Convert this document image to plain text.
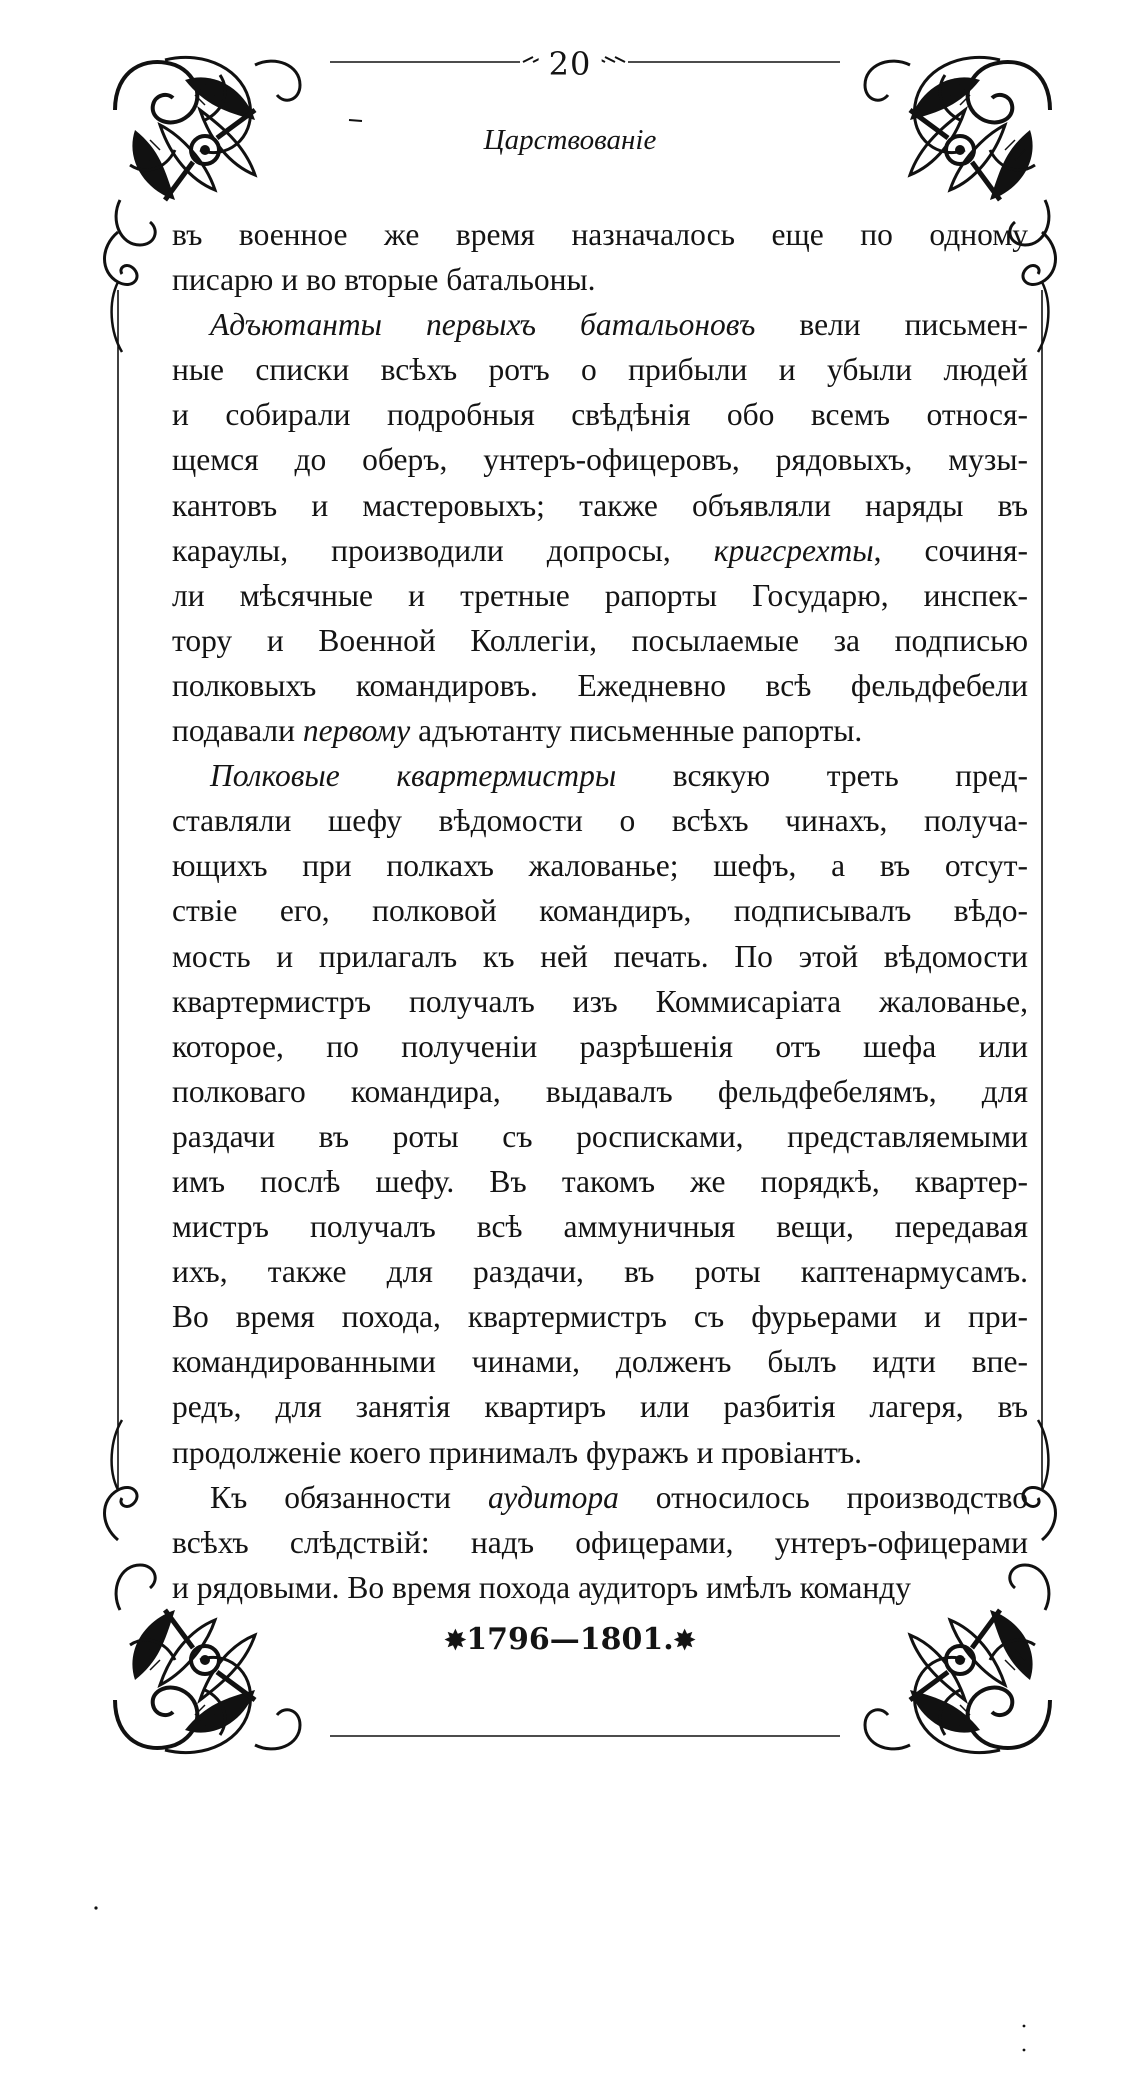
20
Царствованіе
въ военное же время назначалось еще по одному
писарю и во вторые батальоны.
Адъютанты первыхъ батальоновъ вели письмен-
ные списки всѣхъ ротъ о прибыли и убыли людей
и собирали подробныя свѣдѣнія обо всемъ относя-
щемся до оберъ, унтеръ-офицеровъ, рядовыхъ, музы-
кантовъ и мастеровыхъ; также объявляли наряды въ
караулы, производили допросы, кригсрехты, сочиня-
ли мѣсячные и третные рапорты Государю, инспек-
тору и Военной Коллегіи, посылаемые за подписью
полковыхъ командировъ. Ежедневно всѣ фельдфебели
подавали первому адъютанту письменные рапорты.
Полковые квартермистры всякую треть пред-
ставляли шефу вѣдомости о всѣхъ чинахъ, получа-
ющихъ при полкахъ жалованье; шефъ, а въ отсут-
ствіе его, полковой командиръ, подписывалъ вѣдо-
мость и прилагалъ къ ней печать. По этой вѣдомости
квартермистръ получалъ изъ Коммисаріата жалованье,
которое, по полученіи разрѣшенія отъ шефа или
полковаго командира, выдавалъ фельдфебелямъ, для
раздачи въ роты съ росписками, представляемыми
имъ послѣ шефу. Въ такомъ же порядкѣ, квартер-
мистръ получалъ всѣ аммуничныя вещи, передавая
ихъ, также для раздачи, въ роты каптенармусамъ.
Во время похода, квартермистръ съ фурьерами и при-
командированными чинами, долженъ былъ идти впе-
редъ, для занятія квартиръ или разбитія лагеря, въ
продолженіе коего принималъ фуражъ и провіантъ.
Къ обязанности аудитора относилось производство
всѣхъ слѣдствій: надъ офицерами, унтеръ-офицерами
и рядовыми. Во время похода аудиторъ имѣлъ команду
✸1796—1801.✸
